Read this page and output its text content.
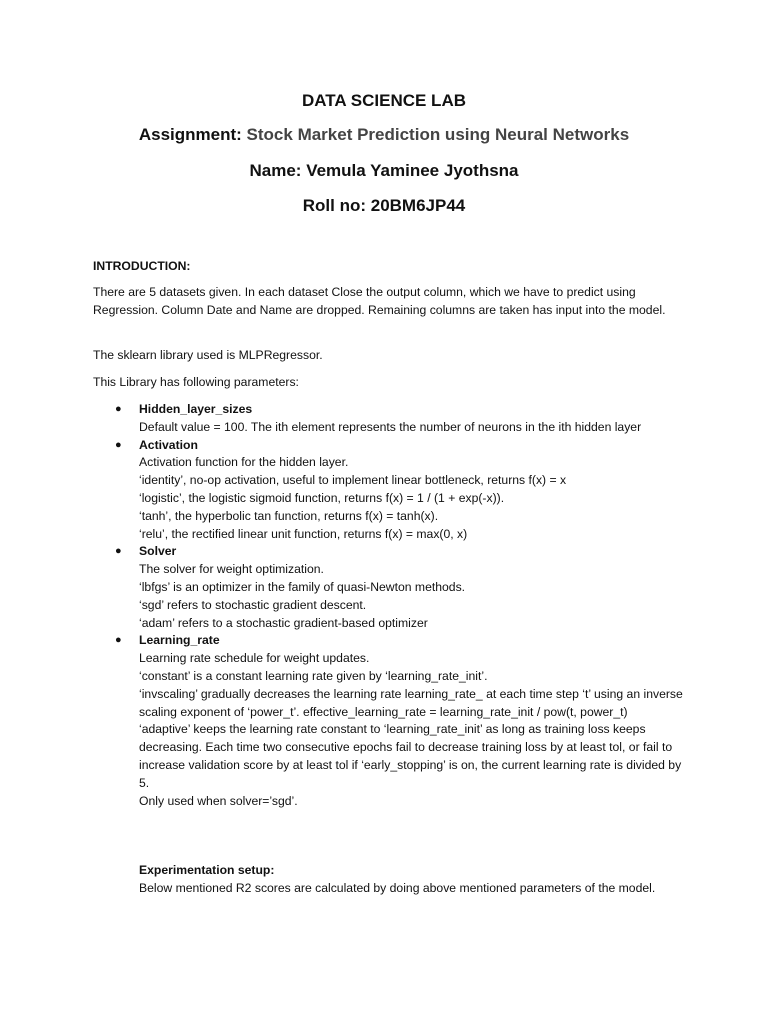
DATA SCIENCE LAB
Assignment: Stock Market Prediction using Neural Networks
Name: Vemula Yaminee Jyothsna
Roll no: 20BM6JP44
INTRODUCTION:
There are 5 datasets given. In each dataset Close the output column, which we have to predict using Regression. Column Date and Name are dropped. Remaining columns are taken has input into the model.
The sklearn library used is MLPRegressor.
This Library has following parameters:
● Hidden_layer_sizes
Default value = 100. The ith element represents the number of neurons in the ith hidden layer
● Activation
Activation function for the hidden layer.
‘identity’, no-op activation, useful to implement linear bottleneck, returns f(x) = x
‘logistic’, the logistic sigmoid function, returns f(x) = 1 / (1 + exp(-x)).
‘tanh’, the hyperbolic tan function, returns f(x) = tanh(x).
‘relu’, the rectified linear unit function, returns f(x) = max(0, x)
● Solver
The solver for weight optimization.
‘lbfgs’ is an optimizer in the family of quasi-Newton methods.
‘sgd’ refers to stochastic gradient descent.
‘adam’ refers to a stochastic gradient-based optimizer
● Learning_rate
Learning rate schedule for weight updates.
‘constant’ is a constant learning rate given by ‘learning_rate_init’.
‘invscaling’ gradually decreases the learning rate learning_rate_ at each time step ‘t’ using an inverse scaling exponent of ‘power_t’. effective_learning_rate = learning_rate_init / pow(t, power_t)
‘adaptive’ keeps the learning rate constant to ‘learning_rate_init’ as long as training loss keeps decreasing. Each time two consecutive epochs fail to decrease training loss by at least tol, or fail to increase validation score by at least tol if ‘early_stopping’ is on, the current learning rate is divided by 5.
Only used when solver=’sgd’.
Experimentation setup:
Below mentioned R2 scores are calculated by doing above mentioned parameters of the model.
